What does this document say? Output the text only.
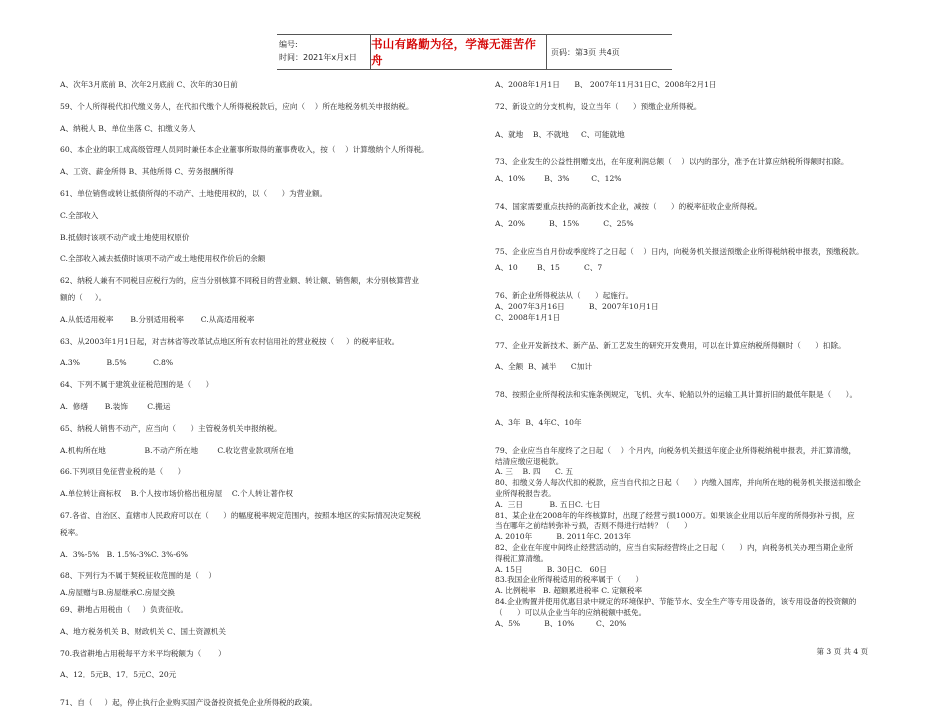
编号:
时间：2021年x月x日
书山有路勤为径，学海无涯苦作舟
页码：第3页 共4页

A、次年3月底前 B、次年2月底前 C、次年的30日前

59、个人所得税代扣代缴义务人，在代扣代缴个人所得税税款后，应向（    ）所在地税务机关申报纳税。

A、纳税人 B、单位坐落 C、扣缴义务人

60、本企业的职工成高级管理人员同时兼任本企业董事所取得的董事费收入，按（    ）计算缴纳个人所得税。

A、工资、薪金所得 B、其他所得 C、劳务报酬所得

61、单位销售或转让抵债所得的不动产、土地使用权的，以（      ）为营业额。

C.全部收入

B.抵债时该项不动产或土地使用权原价

C.全部收入减去抵债时该项不动产或土地使用权作价后的余额

62、纳税人兼有不同税目应税行为的，应当分别核算不同税目的营业额、转让额、销售额，未分别核算营业

额的（     ）。

A.从低适用税率       B.分别适用税率       C.从高适用税率

63、从2003年1月1日起，对吉林省等改革试点地区所有农村信用社的营业税按（     ）的税率征收。

A.3%           B.5%           C.8%

64、下列不属于建筑业征税范围的是（      ）

A.  修缮       B.装饰        C.搬运

65、纳税人销售不动产，应当向（      ）主管税务机关申报纳税。

A.机构所在地                B.不动产所在地        C.收讫营业款项所在地

66.下列项目免征营业税的是（      ）

A.单位转让商标权    B.个人按市场价格出租房屋    C.个人转让著作权

67.各省、自治区、直辖市人民政府可以在（      ）的幅度税率规定范围内，按照本地区的实际情况决定契税

税率。

A.  3%-5%   B. 1.5%-3%C. 3%-6%

68、下列行为不属于契税征收范围的是（    ）

A.房屋赠与B.房屋继承C.房屋交换

69、耕地占用税由（     ）负责征收。

A、地方税务机关 B、财政机关 C、国土资源机关

70.我省耕地占用税每平方米平均税额为（       ）

A、12．5元B、17．5元C、20元

71、自（     ）起，停止执行企业购买国产设备投资抵免企业所得税的政策。

A、2008年1月1日      B、 2007年11月31日C、2008年2月1日

72、新设立的分支机构，设立当年（      ）预缴企业所得税。

A、就地    B、不就地     C、可能就地

73、企业发生的公益性捐赠支出，在年度利润总额（    ）以内的部分，准予在计算应纳税所得额时扣除。

A、10%        B、3%         C、12%

74、国家需要重点扶持的高新技术企业，减按（      ）的税率征收企业所得税。

A、20%          B、15%          C、25%

75、企业应当自月份或季度终了之日起（    ）日内，向税务机关报送预缴企业所得税纳税申报表，预缴税款。

A、10        B、15          C、7

76、新企业所得税法从（      ）起施行。

A、2007年3月16日          B、2007年10月1日

C、2008年1月1日

77、企业开发新技术、新产品、新工艺发生的研究开发费用，可以在计算应纳税所得额时（      ）扣除。

A、全额  B、减半      C加计

78、按照企业所得税法和实施条例规定，飞机、火车、轮船以外的运输工具计算折旧的最低年限是（      ）。

A、3年  B、4年C、10年

79、企业应当自年度终了之日起（    ）个月内，向税务机关报送年度企业所得税纳税申报表，并汇算清缴，

结清应缴应退税款。

A. 三    B. 四      C. 五

80、扣缴义务人每次代扣的税款，应当自代扣之日起（      ）内缴入国库，并向所在地的税务机关报送扣缴企

业所得税报告表。

A.  三日           B. 五日C. 七日

81、某企业在2008年的年终核算时，出现了经营亏损1000万。如果该企业用以后年度的所得弥补亏损，应

当在哪年之前结转弥补亏损，否则不得进行结转？（      ）

A. 2010年          B. 2011年C. 2013年

82、企业在年度中间终止经营活动的，应当自实际经营终止之日起（      ）内，向税务机关办理当期企业所

得税汇算清缴。

A. 15日          B. 30日C.   60日

83.我国企业所得税适用的税率属于（      ）

A. 比例税率   B. 超额累进税率 C. 定额税率

84.企业购置并使用优惠目录中规定的环境保护、节能节水、安全生产等专用设备的，该专用设备的投资额的

（      ）可以从企业当年的应纳税额中抵免。

A、5%          B、10%         C、20%

第 3 页 共 4 页
